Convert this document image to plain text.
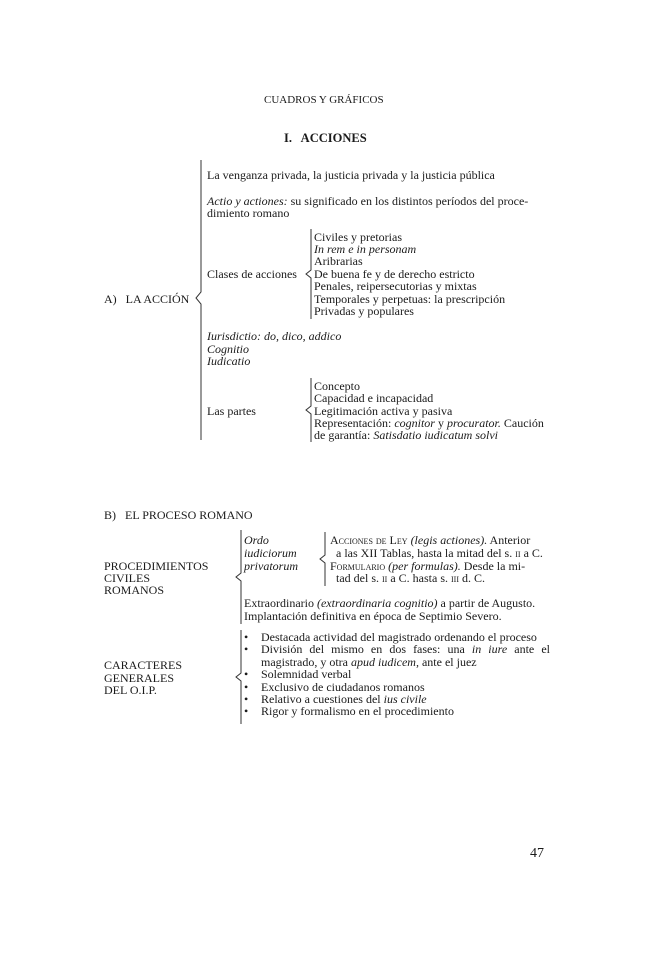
CUADROS Y GRÁFICOS
I.   ACCIONES
A)   LA ACCIÓN
La venganza privada, la justicia privada y la justicia pública
Actio y actiones: su significado en los distintos períodos del proce-
dimiento romano
Clases de acciones
Civiles y pretorias
In rem e in personam
Aribrarias
De buena fe y de derecho estricto
Penales, reipersecutorias y mixtas
Temporales y perpetuas: la prescripción
Privadas y populares
Iurisdictio: do, dico, addico
Cognitio
Iudicatio
Las partes
Concepto
Capacidad e incapacidad
Legitimación activa y pasiva
Representación: cognitor y procurator. Caución
de garantía: Satisdatio iudicatum solvi
B)   EL PROCESO ROMANO
PROCEDIMIENTOS
CIVILES
ROMANOS
Ordo
iudiciorum
privatorum
Acciones de Ley (legis actiones). Anterior
a las XII Tablas, hasta la mitad del s. ii a C.
Formulario (per formulas). Desde la mi-
tad del s. ii a C. hasta s. iii d. C.
Extraordinario (extraordinaria cognitio) a partir de Augusto.
Implantación definitiva en época de Septimio Severo.
CARACTERES
GENERALES
DEL O.I.P.
• Destacada actividad del magistrado ordenando el proceso
• División del mismo en dos fases: una in iure ante el magistrado, y otra apud iudicem, ante el juez
• Solemnidad verbal
• Exclusivo de ciudadanos romanos
• Relativo a cuestiones del ius civile
• Rigor y formalismo en el procedimiento
47
